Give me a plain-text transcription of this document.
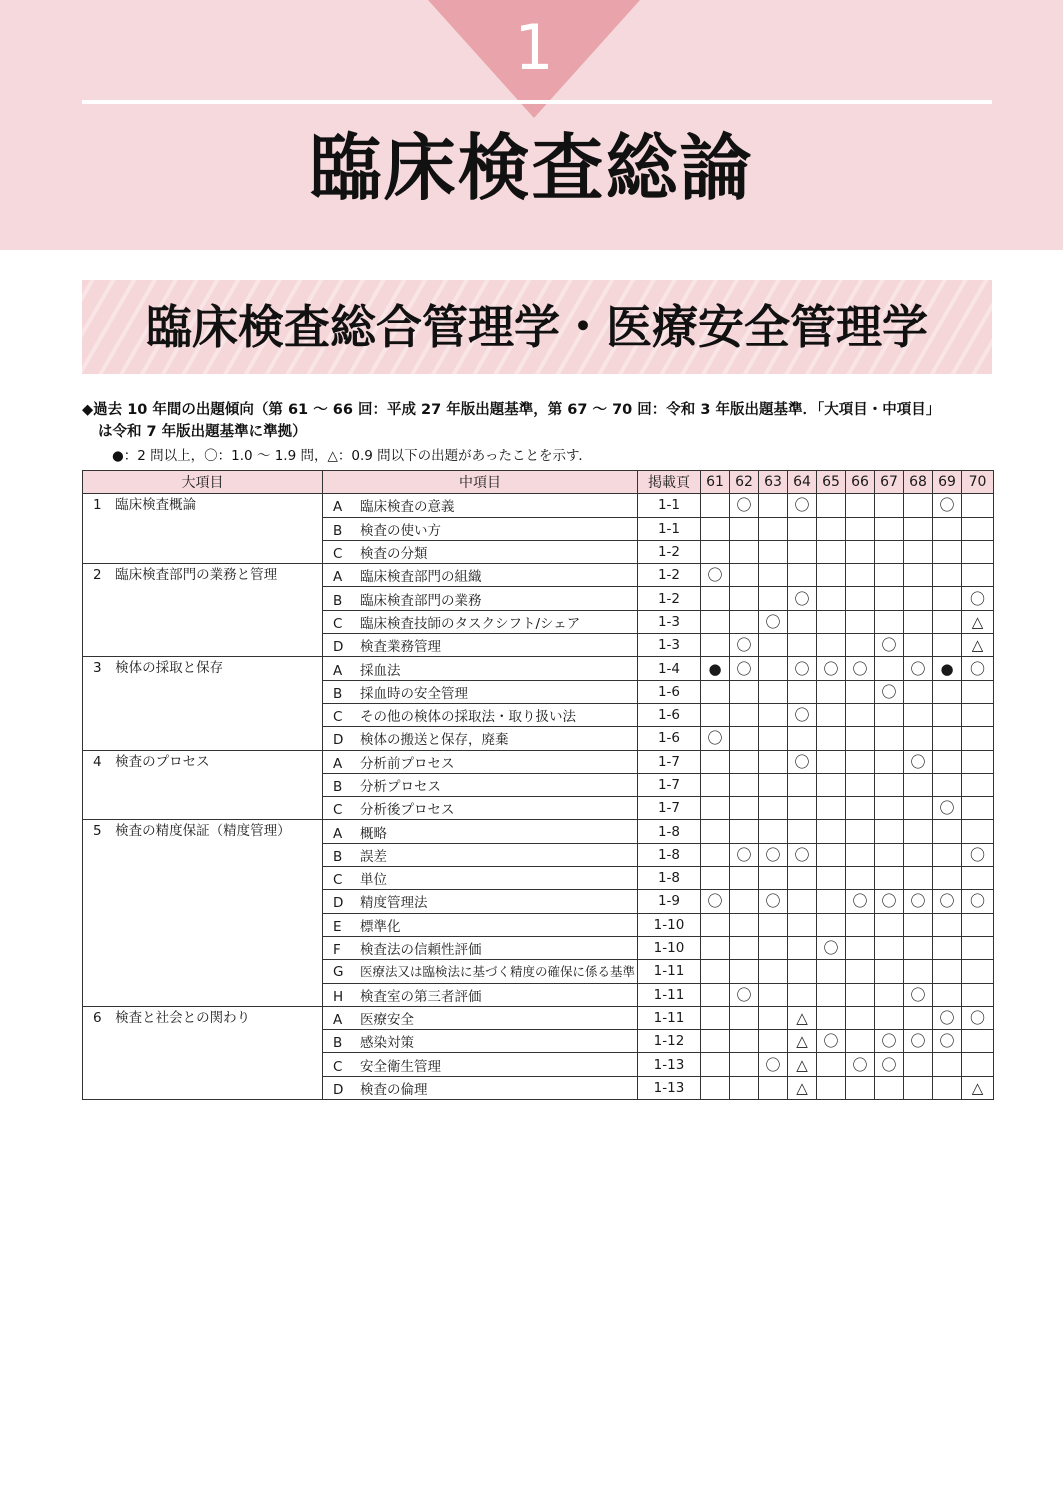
1
臨床検査総論
臨床検査総合管理学・医療安全管理学
◆過去 10 年間の出題傾向（第 61 ～ 66 回：平成 27 年版出題基準，第 67 ～ 70 回：令和 3 年版出題基準．「大項目・中項目」
は令和 7 年版出題基準に準拠）
●：2 問以上，〇：1.0 ～ 1.9 問，△：0.9 問以下の出題があったことを示す．
大項目	中項目	掲載頁	61	62	63	64	65	66	67	68	69	70
1　臨床検査概論	A 臨床検査の意義	1-1		〇		〇					〇	
	B 検査の使い方	1-1										
	C 検査の分類	1-2										
2　臨床検査部門の業務と管理	A 臨床検査部門の組織	1-2	〇									
	B 臨床検査部門の業務	1-2				〇						〇
	C 臨床検査技師のタスクシフト/シェア	1-3			〇							△
	D 検査業務管理	1-3		〇					〇			△
3　検体の採取と保存	A 採血法	1-4	●	〇		〇	〇	〇		〇	●	〇
	B 採血時の安全管理	1-6							〇			
	C その他の検体の採取法・取り扱い法	1-6				〇						
	D 検体の搬送と保存，廃棄	1-6	〇									
4　検査のプロセス	A 分析前プロセス	1-7				〇				〇		
	B 分析プロセス	1-7										
	C 分析後プロセス	1-7									〇	
5　検査の精度保証（精度管理）	A 概略	1-8										
	B 誤差	1-8		〇	〇	〇						〇
	C 単位	1-8										
	D 精度管理法	1-9	〇		〇			〇	〇	〇	〇	〇
	E 標準化	1-10										
	F 検査法の信頼性評価	1-10					〇					
	G 医療法又は臨検法に基づく精度の確保に係る基準	1-11										
	H 検査室の第三者評価	1-11		〇						〇		
6　検査と社会との関わり	A 医療安全	1-11				△					〇	〇
	B 感染対策	1-12				△	〇		〇	〇	〇	
	C 安全衛生管理	1-13			〇	△		〇	〇			
	D 検査の倫理	1-13				△						△
